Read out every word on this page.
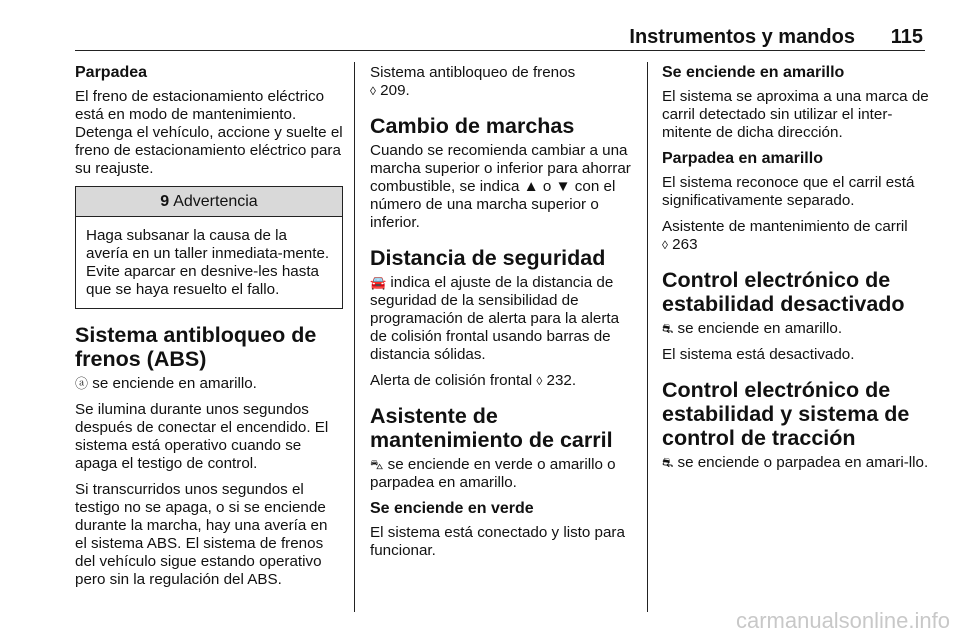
Instrumentos y mandos 115
Parpadea

El freno de estacionamiento eléctrico está en modo de mantenimiento. Detenga el vehículo, accione y suelte el freno de estacionamiento eléctrico para su reajuste.

9 Advertencia
Haga subsanar la causa de la avería en un taller inmediata-mente. Evite aparcar en desnive-les hasta que se haya resuelto el fallo.
Sistema antibloqueo de frenos (ABS)

ⓐ se enciende en amarillo.

Se ilumina durante unos segundos después de conectar el encendido. El sistema está operativo cuando se apaga el testigo de control.

Si transcurridos unos segundos el testigo no se apaga, o si se enciende durante la marcha, hay una avería en el sistema ABS. El sistema de frenos del vehículo sigue estando operativo pero sin la regulación del ABS.

Sistema antibloqueo de frenos
◊ 209.

Cambio de marchas

Cuando se recomienda cambiar a una marcha superior o inferior para ahorrar combustible, se indica ▲ o ▼ con el número de una marcha superior o inferior.

Distancia de seguridad

🚘 indica el ajuste de la distancia de seguridad de la sensibilidad de programación de alerta para la alerta de colisión frontal usando barras de distancia sólidas.

Alerta de colisión frontal ◊ 232.

Asistente de mantenimiento de carril

⛍ se enciende en verde o amarillo o parpadea en amarillo.

Se enciende en verde

El sistema está conectado y listo para funcionar.

Se enciende en amarillo

El sistema se aproxima a una marca de carril detectado sin utilizar el inter-mitente de dicha dirección.

Parpadea en amarillo

El sistema reconoce que el carril está significativamente separado.

Asistente de mantenimiento de carril
◊ 263

Control electrónico de estabilidad desactivado

⛐ se enciende en amarillo.

El sistema está desactivado.

Control electrónico de estabilidad y sistema de control de tracción

⛐ se enciende o parpadea en amari-llo.

carmanualsonline.info
